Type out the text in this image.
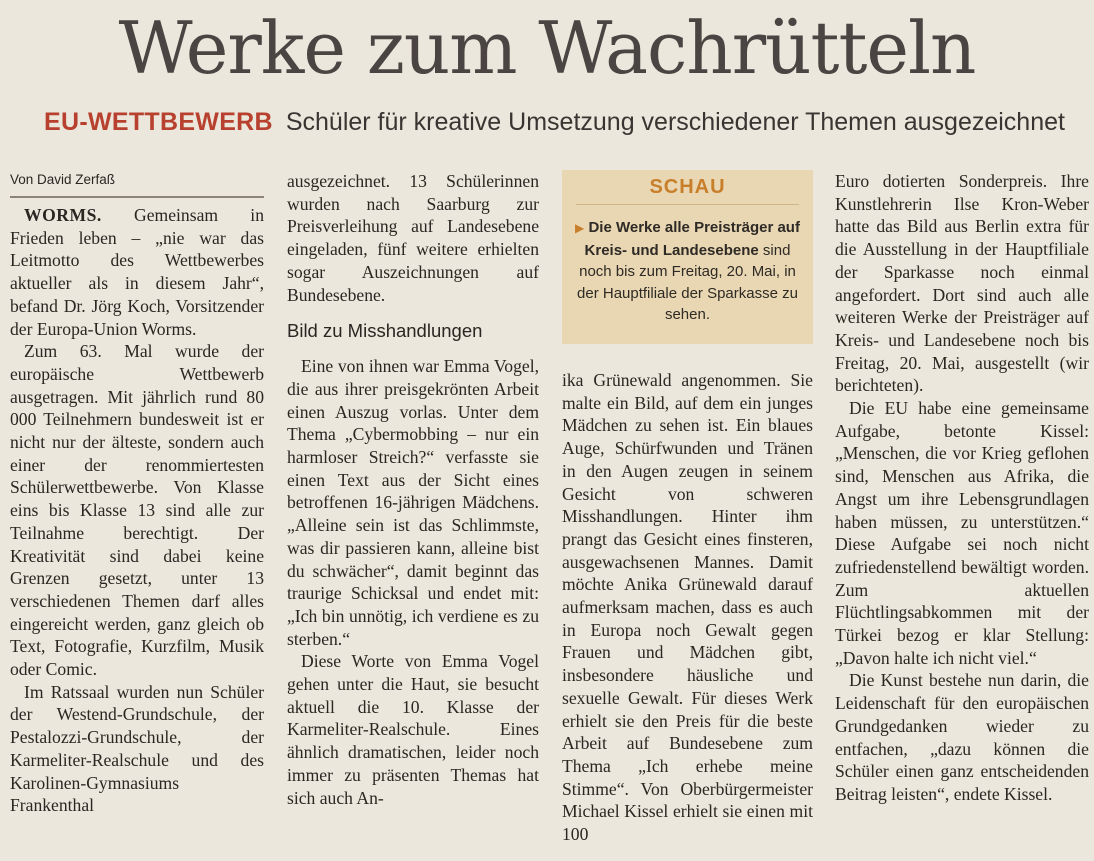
Werke zum Wachrütteln
EU-WETTBEWERB Schüler für kreative Umsetzung verschiedener Themen ausgezeichnet
Von David Zerfaß

WORMS. Gemeinsam in Frieden leben – „nie war das Leitmotto des Wettbewerbes aktueller als in diesem Jahr“, befand Dr. Jörg Koch, Vorsitzender der Europa-Union Worms.

Zum 63. Mal wurde der europäische Wettbewerb ausgetragen. Mit jährlich rund 80 000 Teilnehmern bundesweit ist er nicht nur der älteste, sondern auch einer der renommiertesten Schülerwettbewerbe. Von Klasse eins bis Klasse 13 sind alle zur Teilnahme berechtigt. Der Kreativität sind dabei keine Grenzen gesetzt, unter 13 verschiedenen Themen darf alles eingereicht werden, ganz gleich ob Text, Fotografie, Kurzfilm, Musik oder Comic.

Im Ratssaal wurden nun Schüler der Westend-Grundschule, der Pestalozzi-Grundschule, der Karmeliter-Realschule und des Karolinen-Gymnasiums Frankenthal

ausgezeichnet. 13 Schülerinnen wurden nach Saarburg zur Preisverleihung auf Landesebene eingeladen, fünf weitere erhielten sogar Auszeichnungen auf Bundesebene.

Bild zu Misshandlungen

Eine von ihnen war Emma Vogel, die aus ihrer preisgekrönten Arbeit einen Auszug vorlas. Unter dem Thema „Cybermobbing – nur ein harmloser Streich?“ verfasste sie einen Text aus der Sicht eines betroffenen 16-jährigen Mädchens. „Alleine sein ist das Schlimmste, was dir passieren kann, alleine bist du schwächer“, damit beginnt das traurige Schicksal und endet mit: „Ich bin unnötig, ich verdiene es zu sterben.“

Diese Worte von Emma Vogel gehen unter die Haut, sie besucht aktuell die 10. Klasse der Karmeliter-Realschule. Eines ähnlich dramatischen, leider noch immer zu präsenten Themas hat sich auch An-

SCHAU
▶ Die Werke alle Preisträger auf Kreis- und Landesebene sind noch bis zum Freitag, 20. Mai, in der Hauptfiliale der Sparkasse zu sehen.

ika Grünewald angenommen. Sie malte ein Bild, auf dem ein junges Mädchen zu sehen ist. Ein blaues Auge, Schürfwunden und Tränen in den Augen zeugen in seinem Gesicht von schweren Misshandlungen. Hinter ihm prangt das Gesicht eines finsteren, ausgewachsenen Mannes. Damit möchte Anika Grünewald darauf aufmerksam machen, dass es auch in Europa noch Gewalt gegen Frauen und Mädchen gibt, insbesondere häusliche und sexuelle Gewalt. Für dieses Werk erhielt sie den Preis für die beste Arbeit auf Bundesebene zum Thema „Ich erhebe meine Stimme“. Von Oberbürgermeister Michael Kissel erhielt sie einen mit 100

Euro dotierten Sonderpreis. Ihre Kunstlehrerin Ilse Kron-Weber hatte das Bild aus Berlin extra für die Ausstellung in der Hauptfiliale der Sparkasse noch einmal angefordert. Dort sind auch alle weiteren Werke der Preisträger auf Kreis- und Landesebene noch bis Freitag, 20. Mai, ausgestellt (wir berichteten).

Die EU habe eine gemeinsame Aufgabe, betonte Kissel: „Menschen, die vor Krieg geflohen sind, Menschen aus Afrika, die Angst um ihre Lebensgrundlagen haben müssen, zu unterstützen.“ Diese Aufgabe sei noch nicht zufriedenstellend bewältigt worden. Zum aktuellen Flüchtlingsabkommen mit der Türkei bezog er klar Stellung: „Davon halte ich nicht viel.“

Die Kunst bestehe nun darin, die Leidenschaft für den europäischen Grundgedanken wieder zu entfachen, „dazu können die Schüler einen ganz entscheidenden Beitrag leisten“, endete Kissel.
